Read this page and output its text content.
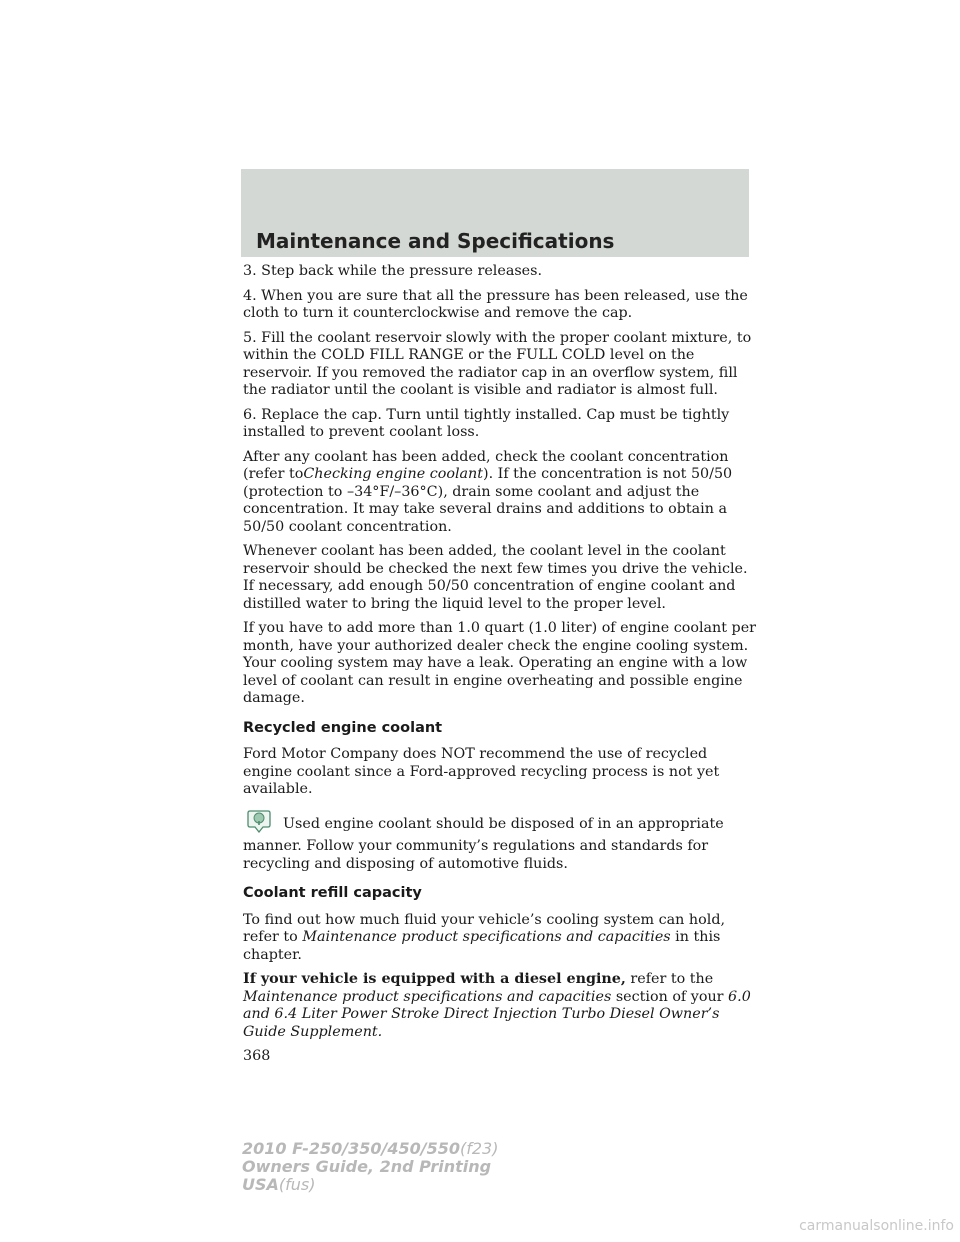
Maintenance and Specifications

3. Step back while the pressure releases.

4. When you are sure that all the pressure has been released, use the cloth to turn it counterclockwise and remove the cap.

5. Fill the coolant reservoir slowly with the proper coolant mixture, to within the COLD FILL RANGE or the FULL COLD level on the reservoir. If you removed the radiator cap in an overflow system, fill the radiator until the coolant is visible and radiator is almost full.

6. Replace the cap. Turn until tightly installed. Cap must be tightly installed to prevent coolant loss.

After any coolant has been added, check the coolant concentration (refer toChecking engine coolant). If the concentration is not 50/50 (protection to –34°F/–36°C), drain some coolant and adjust the concentration. It may take several drains and additions to obtain a 50/50 coolant concentration.

Whenever coolant has been added, the coolant level in the coolant reservoir should be checked the next few times you drive the vehicle. If necessary, add enough 50/50 concentration of engine coolant and distilled water to bring the liquid level to the proper level.

If you have to add more than 1.0 quart (1.0 liter) of engine coolant per month, have your authorized dealer check the engine cooling system. Your cooling system may have a leak. Operating an engine with a low level of coolant can result in engine overheating and possible engine damage.

Recycled engine coolant

Ford Motor Company does NOT recommend the use of recycled engine coolant since a Ford-approved recycling process is not yet available.

Used engine coolant should be disposed of in an appropriate manner. Follow your community’s regulations and standards for recycling and disposing of automotive fluids.

Coolant refill capacity

To find out how much fluid your vehicle’s cooling system can hold, refer to Maintenance product specifications and capacities in this chapter.

If your vehicle is equipped with a diesel engine, refer to the Maintenance product specifications and capacities section of your 6.0 and 6.4 Liter Power Stroke Direct Injection Turbo Diesel Owner’s Guide Supplement.

368

2010 F-250/350/450/550(f23)
Owners Guide, 2nd Printing
USA(fus)
carmanualsonline.info
